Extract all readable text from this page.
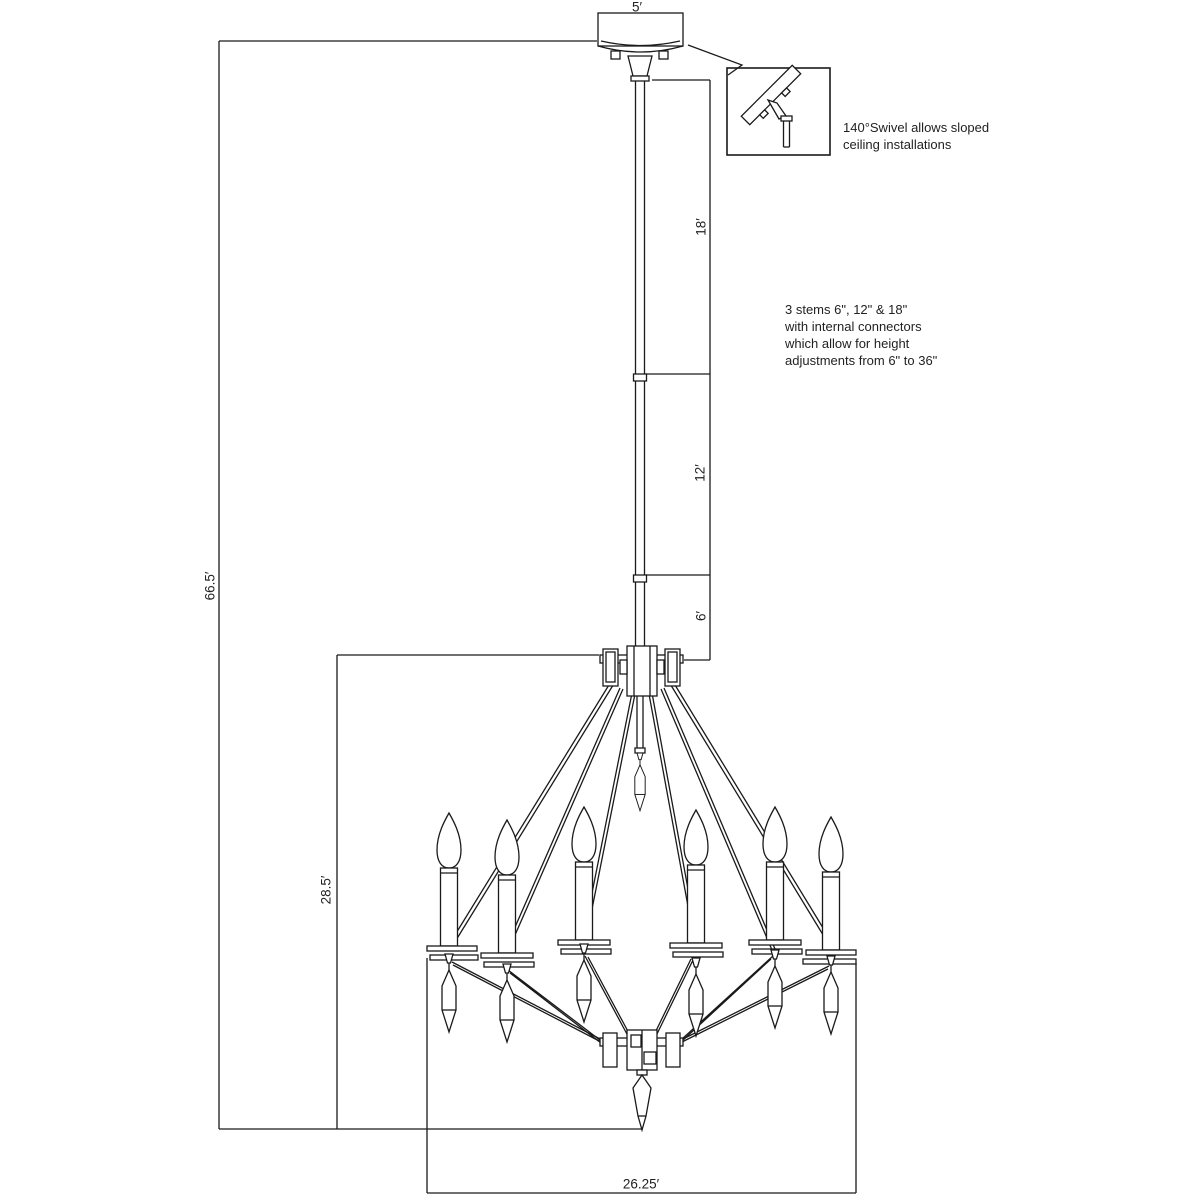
5′
18′
12′
6′
66.5′
28.5′
26.25′
140°Swivel allows sloped
ceiling installations
3 stems 6", 12" & 18"
with internal connectors
which allow for height
adjustments from 6" to 36"
